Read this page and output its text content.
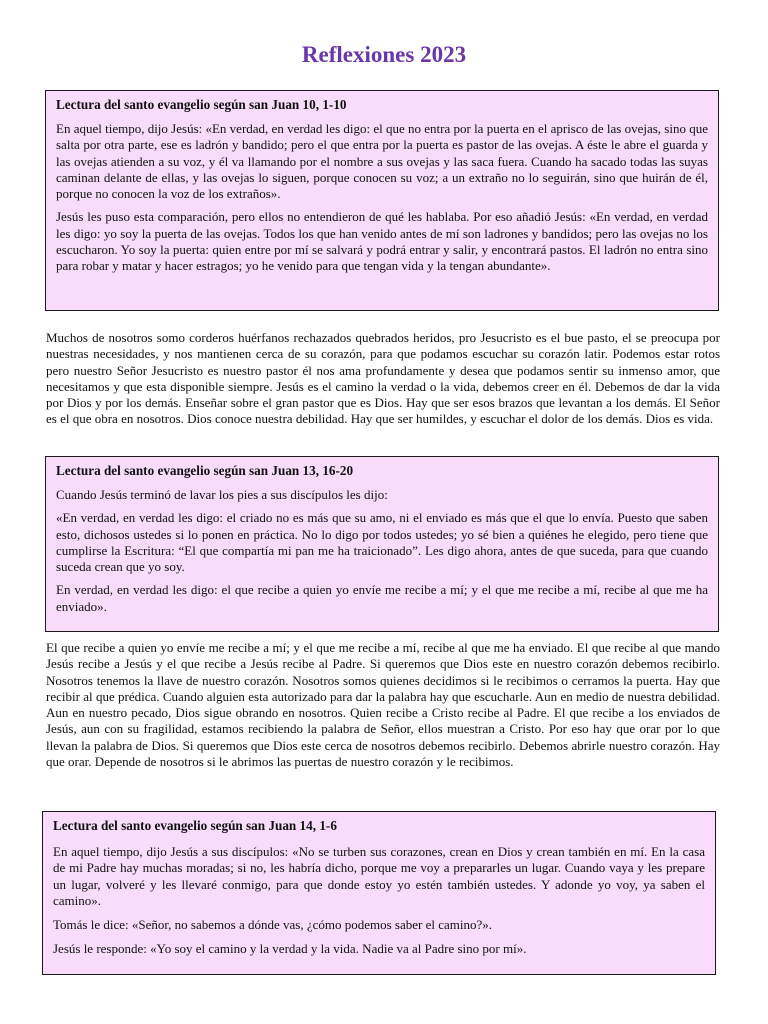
Reflexiones 2023
Lectura del santo evangelio según san Juan 10, 1-10

En aquel tiempo, dijo Jesús: «En verdad, en verdad les digo: el que no entra por la puerta en el aprisco de las ovejas, sino que salta por otra parte, ese es ladrón y bandido; pero el que entra por la puerta es pastor de las ovejas. A éste le abre el guarda y las ovejas atienden a su voz, y él va llamando por el nombre a sus ovejas y las saca fuera. Cuando ha sacado todas las suyas caminan delante de ellas, y las ovejas lo siguen, porque conocen su voz; a un extraño no lo seguirán, sino que huirán de él, porque no conocen la voz de los extraños».

Jesús les puso esta comparación, pero ellos no entendieron de qué les hablaba. Por eso añadió Jesús: «En verdad, en verdad les digo: yo soy la puerta de las ovejas. Todos los que han venido antes de mí son ladrones y bandidos; pero las ovejas no los escucharon. Yo soy la puerta: quien entre por mí se salvará y podrá entrar y salir, y encontrará pastos. El ladrón no entra sino para robar y matar y hacer estragos; yo he venido para que tengan vida y la tengan abundante».

Muchos de nosotros somo corderos huérfanos rechazados quebrados heridos, pro Jesucristo es el bue pasto, el se preocupa por nuestras necesidades, y nos mantienen cerca de su corazón, para que podamos escuchar su corazón latir. Podemos estar rotos pero nuestro Señor Jesucristo es nuestro pastor él nos ama profundamente y desea que podamos sentir su inmenso amor, que necesitamos y que esta disponible siempre. Jesús es el camino la verdad o la vida, debemos creer en él. Debemos de dar la vida por Dios y por los demás. Enseñar sobre el gran pastor que es Dios. Hay que ser esos brazos que levantan a los demás. El Señor es el que obra en nosotros. Dios conoce nuestra debilidad. Hay que ser humildes, y escuchar el dolor de los demás. Dios es vida.

Lectura del santo evangelio según san Juan 13, 16-20

Cuando Jesús terminó de lavar los pies a sus discípulos les dijo:

«En verdad, en verdad les digo: el criado no es más que su amo, ni el enviado es más que el que lo envía. Puesto que saben esto, dichosos ustedes si lo ponen en práctica. No lo digo por todos ustedes; yo sé bien a quiénes he elegido, pero tiene que cumplirse la Escritura: “El que compartía mi pan me ha traicionado”. Les digo ahora, antes de que suceda, para que cuando suceda crean que yo soy.

En verdad, en verdad les digo: el que recibe a quien yo envíe me recibe a mí; y el que me recibe a mí, recibe al que me ha enviado».

El que recibe a quien yo envíe me recibe a mí; y el que me recibe a mí, recibe al que me ha enviado. El que recibe al que mando Jesús recibe a Jesús y el que recibe a Jesús recibe al Padre. Si queremos que Dios este en nuestro corazón debemos recibirlo. Nosotros tenemos la llave de nuestro corazón. Nosotros somos quienes decidimos si le recibimos o cerramos la puerta. Hay que recibir al que prédica. Cuando alguien esta autorizado para dar la palabra hay que escucharle. Aun en medio de nuestra debilidad. Aun en nuestro pecado, Dios sigue obrando en nosotros. Quien recibe a Cristo recibe al Padre. El que recibe a los enviados de Jesús, aun con su fragilidad, estamos recibiendo la palabra de Señor, ellos muestran a Cristo. Por eso hay que orar por lo que llevan la palabra de Dios. Si queremos que Dios este cerca de nosotros debemos recibirlo. Debemos abrirle nuestro corazón. Hay que orar. Depende de nosotros si le abrimos las puertas de nuestro corazón y le recibimos.

Lectura del santo evangelio según san Juan 14, 1-6

En aquel tiempo, dijo Jesús a sus discípulos: «No se turben sus corazones, crean en Dios y crean también en mí. En la casa de mi Padre hay muchas moradas; si no, les habría dicho, porque me voy a prepararles un lugar. Cuando vaya y les prepare un lugar, volveré y les llevaré conmigo, para que donde estoy yo estén también ustedes. Y adonde yo voy, ya saben el camino».

Tomás le dice: «Señor, no sabemos a dónde vas, ¿cómo podemos saber el camino?».

Jesús le responde: «Yo soy el camino y la verdad y la vida. Nadie va al Padre sino por mí».
